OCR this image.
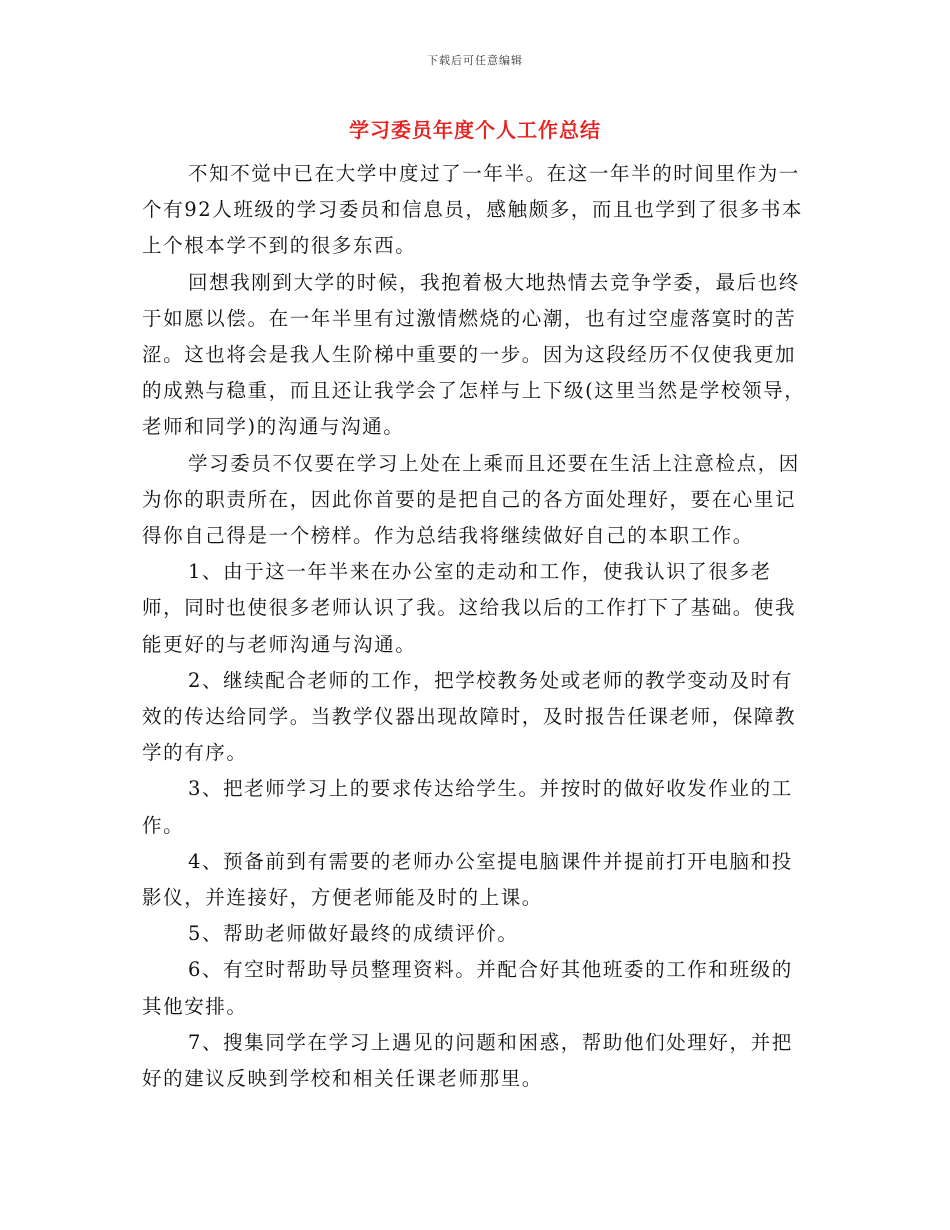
下载后可任意编辑
学习委员年度个人工作总结

不知不觉中已在大学中度过了一年半。在这一年半的时间里作为一个有92人班级的学习委员和信息员，感触颇多，而且也学到了很多书本上个根本学不到的很多东西。

回想我刚到大学的时候，我抱着极大地热情去竞争学委，最后也终于如愿以偿。在一年半里有过激情燃烧的心潮，也有过空虚落寞时的苦涩。这也将会是我人生阶梯中重要的一步。因为这段经历不仅使我更加的成熟与稳重，而且还让我学会了怎样与上下级(这里当然是学校领导，老师和同学)的沟通与沟通。

学习委员不仅要在学习上处在上乘而且还要在生活上注意检点，因为你的职责所在，因此你首要的是把自己的各方面处理好，要在心里记得你自己得是一个榜样。作为总结我将继续做好自己的本职工作。

1、由于这一年半来在办公室的走动和工作，使我认识了很多老师，同时也使很多老师认识了我。这给我以后的工作打下了基础。使我能更好的与老师沟通与沟通。

2、继续配合老师的工作，把学校教务处或老师的教学变动及时有效的传达给同学。当教学仪器出现故障时，及时报告任课老师，保障教学的有序。

3、把老师学习上的要求传达给学生。并按时的做好收发作业的工作。

4、预备前到有需要的老师办公室提电脑课件并提前打开电脑和投影仪，并连接好，方便老师能及时的上课。

5、帮助老师做好最终的成绩评价。

6、有空时帮助导员整理资料。并配合好其他班委的工作和班级的其他安排。

7、搜集同学在学习上遇见的问题和困惑，帮助他们处理好，并把好的建议反映到学校和相关任课老师那里。
